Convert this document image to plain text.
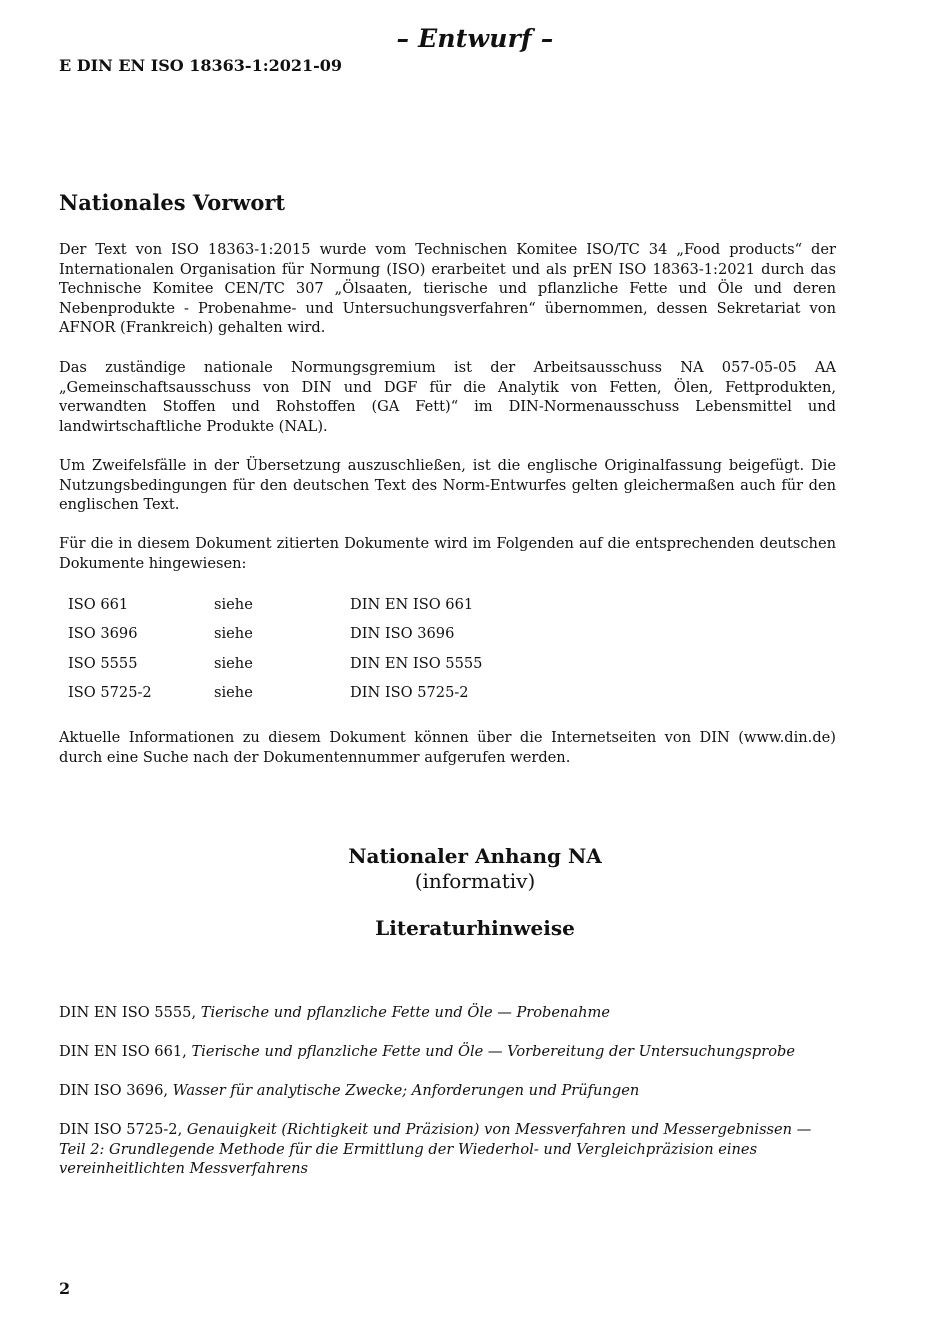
– Entwurf –
E DIN EN ISO 18363-1:2021-09
Nationales Vorwort
Der Text von ISO 18363-1:2015 wurde vom Technischen Komitee ISO/TC 34 „Food products“ der Internationalen Organisation für Normung (ISO) erarbeitet und als prEN ISO 18363-1:2021 durch das Technische Komitee CEN/TC 307 „Ölsaaten, tierische und pflanzliche Fette und Öle und deren Nebenprodukte - Probenahme- und Untersuchungsverfahren“ übernommen, dessen Sekretariat von AFNOR (Frankreich) gehalten wird.
Das zuständige nationale Normungsgremium ist der Arbeitsausschuss NA 057-05-05 AA „Gemeinschaftsausschuss von DIN und DGF für die Analytik von Fetten, Ölen, Fettprodukten, verwandten Stoffen und Rohstoffen (GA Fett)“ im DIN-Normenausschuss Lebensmittel und landwirtschaftliche Produkte (NAL).
Um Zweifelsfälle in der Übersetzung auszuschließen, ist die englische Originalfassung beigefügt. Die Nutzungsbedingungen für den deutschen Text des Norm-Entwurfes gelten gleichermaßen auch für den englischen Text.
Für die in diesem Dokument zitierten Dokumente wird im Folgenden auf die entsprechenden deutschen Dokumente hingewiesen:
ISO 661	siehe	DIN EN ISO 661
ISO 3696	siehe	DIN ISO 3696
ISO 5555	siehe	DIN EN ISO 5555
ISO 5725-2	siehe	DIN ISO 5725-2
Aktuelle Informationen zu diesem Dokument können über die Internetseiten von DIN (www.din.de) durch eine Suche nach der Dokumentennummer aufgerufen werden.
Nationaler Anhang NA
(informativ)
Literaturhinweise
DIN EN ISO 5555, Tierische und pflanzliche Fette und Öle — Probenahme
DIN EN ISO 661, Tierische und pflanzliche Fette und Öle — Vorbereitung der Untersuchungsprobe
DIN ISO 3696, Wasser für analytische Zwecke; Anforderungen und Prüfungen
DIN ISO 5725-2, Genauigkeit (Richtigkeit und Präzision) von Messverfahren und Messergebnissen — Teil 2: Grundlegende Methode für die Ermittlung der Wiederhol- und Vergleichpräzision eines vereinheitlichten Messverfahrens
2
